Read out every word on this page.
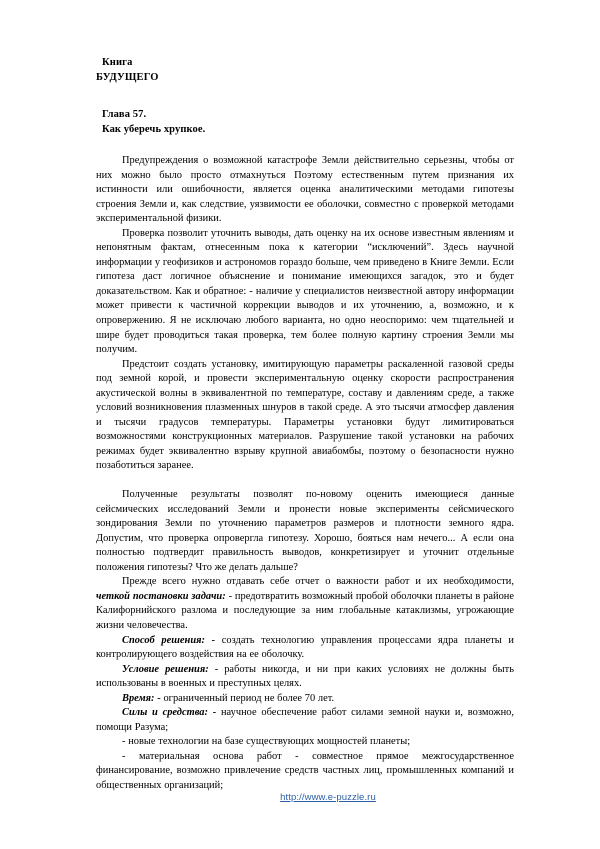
Книга
БУДУЩЕГО
Глава 57.
Как уберечь хрупкое.

Предупреждения о возможной катастрофе Земли действительно серьезны, чтобы от них можно было просто отмахнуться Поэтому естественным путем признания их истинности или ошибочности, является оценка аналитическими методами гипотезы строения Земли и, как следствие, уязвимости ее оболочки, совместно с проверкой методами экспериментальной физики.

Проверка позволит уточнить выводы, дать оценку на их основе известным явлениям и непонятным фактам, отнесенным пока к категории “исключений”. Здесь научной информации у геофизиков и астрономов гораздо больше, чем приведено в Книге Земли. Если гипотеза даст логичное объяснение и понимание имеющихся загадок, это и будет доказательством. Как и обратное: - наличие у специалистов неизвестной автору информации может привести к частичной коррекции выводов и их уточнению, а, возможно, и к опровержению. Я не исключаю любого варианта, но одно неоспоримо: чем тщательней и шире будет проводиться такая проверка, тем более полную картину строения Земли мы получим.

Предстоит создать установку, имитирующую параметры раскаленной газовой среды под земной корой, и провести экспериментальную оценку скорости распространения акустической волны в эквивалентной по температуре, составу и давлениям среде, а также условий возникновения плазменных шнуров в такой среде. А это тысячи атмосфер давления и тысячи градусов температуры. Параметры установки будут лимитироваться возможностями конструкционных материалов. Разрушение такой установки на рабочих режимах будет эквивалентно взрыву крупной авиабомбы, поэтому о безопасности нужно позаботиться заранее.

Полученные результаты позволят по-новому оценить имеющиеся данные сейсмических исследований Земли и пронести новые эксперименты сейсмического зондирования Земли по уточнению параметров размеров и плотности земного ядра. Допустим, что проверка опровергла гипотезу. Хорошо, бояться нам нечего... А если она полностью подтвердит правильность выводов, конкретизирует и уточнит отдельные положения гипотезы? Что же делать дальше?

Прежде всего нужно отдавать себе отчет о важности работ и их необходимости, четкой постановки задачи: - предотвратить возможный пробой оболочки планеты в районе Калифорнийского разлома и последующие за ним глобальные катаклизмы, угрожающие жизни человечества.

Способ решения: - создать технологию управления процессами ядра планеты и контролирующего воздействия на ее оболочку.

Условие решения: - работы никогда, и ни при каких условиях не должны быть использованы в военных и преступных целях.

Время: - ограниченный период не более 70 лет.

Силы и средства: - научное обеспечение работ силами земной науки и, возможно, помощи Разума;

- новые технологии на базе существующих мощностей планеты;

- материальная основа работ - совместное прямое межгосударственное финансирование, возможно привлечение средств частных лиц, промышленных компаний и общественных организаций;

http://www.e-puzzle.ru
